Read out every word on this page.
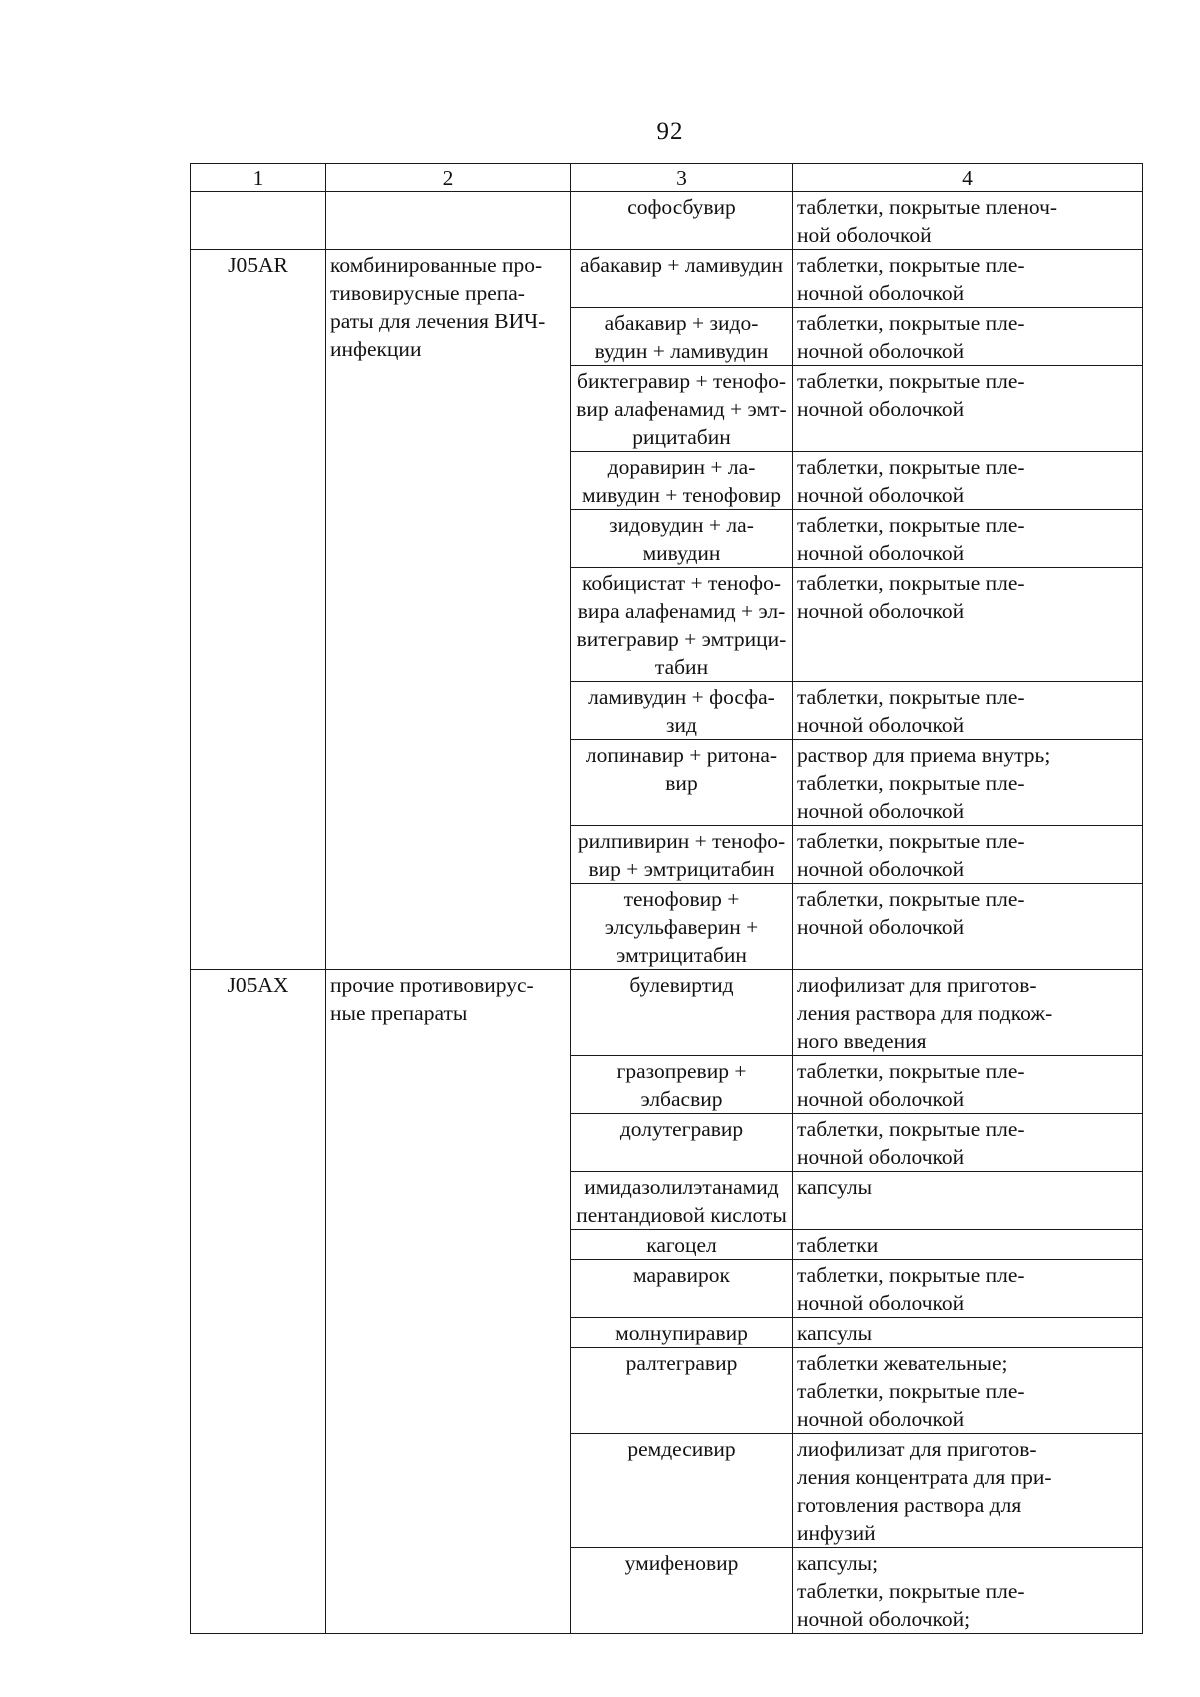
92
1	2	3	4
		софосбувир	таблетки, покрытые пленоч-
ной оболочкой

J05AR	комбинированные про-
тивовирусные препа-
раты для лечения ВИЧ-
инфекции	абакавир + ламивудин	таблетки, покрытые пле-
ночной оболочкой

		абакавир + зидо-
вудин + ламивудин	таблетки, покрытые пле-
ночной оболочкой

		биктегравир + тенофо-
вир алафенамид + эмт-
рицитабин	таблетки, покрытые пле-
ночной оболочкой

		доравирин + ла-
мивудин + тенофовир	таблетки, покрытые пле-
ночной оболочкой

		зидовудин + ла-
мивудин	таблетки, покрытые пле-
ночной оболочкой

		кобицистат + тенофо-
вира алафенамид + эл-
витегравир + эмтрици-
табин	таблетки, покрытые пле-
ночной оболочкой

		ламивудин + фосфа-
зид	таблетки, покрытые пле-
ночной оболочкой

		лопинавир + ритона-
вир	раствор для приема внутрь;
таблетки, покрытые пле-
ночной оболочкой

		рилпивирин + тенофо-
вир + эмтрицитабин	таблетки, покрытые пле-
ночной оболочкой

		тенофовир +
элсульфаверин +
эмтрицитабин	таблетки, покрытые пле-
ночной оболочкой

J05AX	прочие противовирус-
ные препараты	булевиртид	лиофилизат для приготов-
ления раствора для подкож-
ного введения

		гразопревир +
элбасвир	таблетки, покрытые пле-
ночной оболочкой

		долутегравир	таблетки, покрытые пле-
ночной оболочкой

		имидазолилэтанамид
пентандиовой кислоты	капсулы

		кагоцел	таблетки

		маравирок	таблетки, покрытые пле-
ночной оболочкой

		молнупиравир	капсулы

		ралтегравир	таблетки жевательные;
таблетки, покрытые пле-
ночной оболочкой

		ремдесивир	лиофилизат для приготов-
ления концентрата для при-
готовления раствора для
инфузий

		умифеновир	капсулы;
таблетки, покрытые пле-
ночной оболочкой;
